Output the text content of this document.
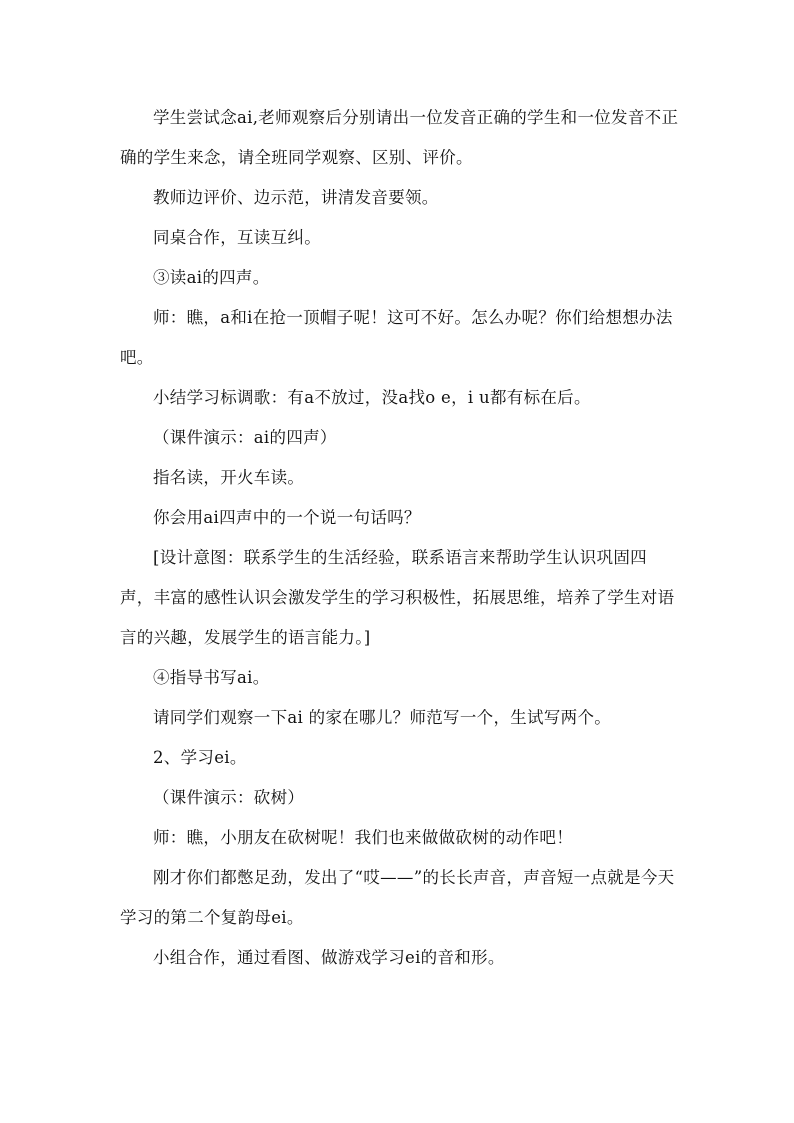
学生尝试念ai,老师观察后分别请出一位发音正确的学生和一位发音不正确的学生来念，请全班同学观察、区别、评价。

教师边评价、边示范，讲清发音要领。

同桌合作，互读互纠。

③读ai的四声。

师：瞧，a和i在抢一顶帽子呢！这可不好。怎么办呢？你们给想想办法吧。

小结学习标调歌：有a不放过，没a找o e，i u都有标在后。

（课件演示：ai的四声）

指名读，开火车读。

你会用ai四声中的一个说一句话吗？

[设计意图：联系学生的生活经验，联系语言来帮助学生认识巩固四声，丰富的感性认识会激发学生的学习积极性，拓展思维，培养了学生对语言的兴趣，发展学生的语言能力。]

④指导书写ai。

请同学们观察一下ai 的家在哪儿？师范写一个，生试写两个。

2、学习ei。

（课件演示：砍树）

师：瞧，小朋友在砍树呢！我们也来做做砍树的动作吧！

刚才你们都憋足劲，发出了“哎——”的长长声音，声音短一点就是今天学习的第二个复韵母ei。

小组合作，通过看图、做游戏学习ei的音和形。
